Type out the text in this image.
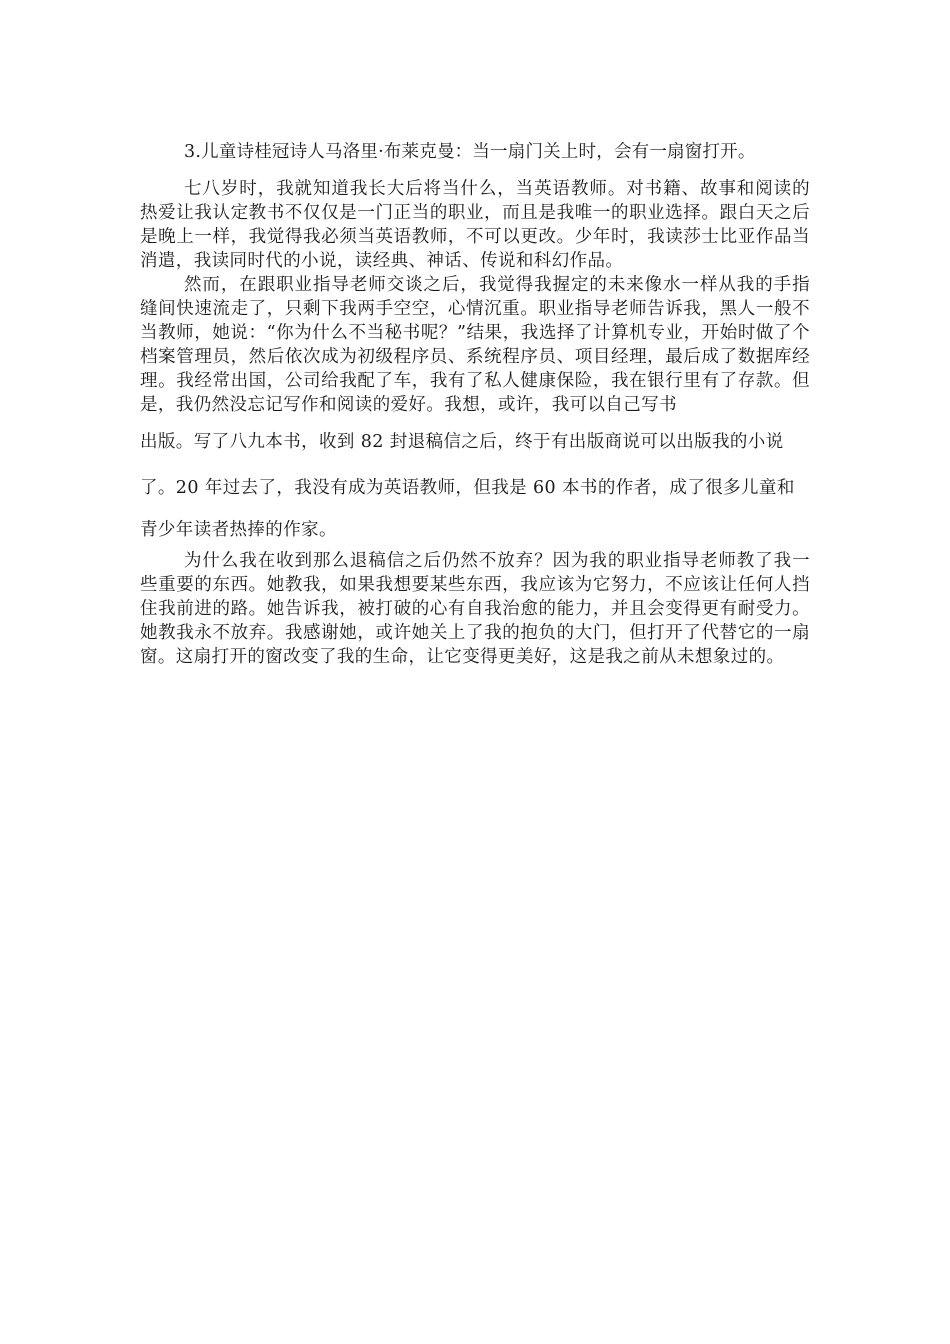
3.儿童诗桂冠诗人马洛里·布莱克曼：当一扇门关上时，会有一扇窗打开。

七八岁时，我就知道我长大后将当什么，当英语教师。对书籍、故事和阅读的热爱让我认定教书不仅仅是一门正当的职业，而且是我唯一的职业选择。跟白天之后是晚上一样，我觉得我必须当英语教师，不可以更改。少年时，我读莎士比亚作品当消遣，我读同时代的小说，读经典、神话、传说和科幻作品。

然而，在跟职业指导老师交谈之后，我觉得我握定的未来像水一样从我的手指缝间快速流走了，只剩下我两手空空，心情沉重。职业指导老师告诉我，黑人一般不当教师，她说：“你为什么不当秘书呢？”结果，我选择了计算机专业，开始时做了个档案管理员，然后依次成为初级程序员、系统程序员、项目经理，最后成了数据库经理。我经常出国，公司给我配了车，我有了私人健康保险，我在银行里有了存款。但是，我仍然没忘记写作和阅读的爱好。我想，或许，我可以自己写书

出版。写了八九本书，收到 82 封退稿信之后，终于有出版商说可以出版我的小说

了。20 年过去了，我没有成为英语教师，但我是 60 本书的作者，成了很多儿童和

青少年读者热捧的作家。

为什么我在收到那么退稿信之后仍然不放弃？因为我的职业指导老师教了我一些重要的东西。她教我，如果我想要某些东西，我应该为它努力，不应该让任何人挡住我前进的路。她告诉我，被打破的心有自我治愈的能力，并且会变得更有耐受力。她教我永不放弃。我感谢她，或许她关上了我的抱负的大门，但打开了代替它的一扇窗。这扇打开的窗改变了我的生命，让它变得更美好，这是我之前从未想象过的。
